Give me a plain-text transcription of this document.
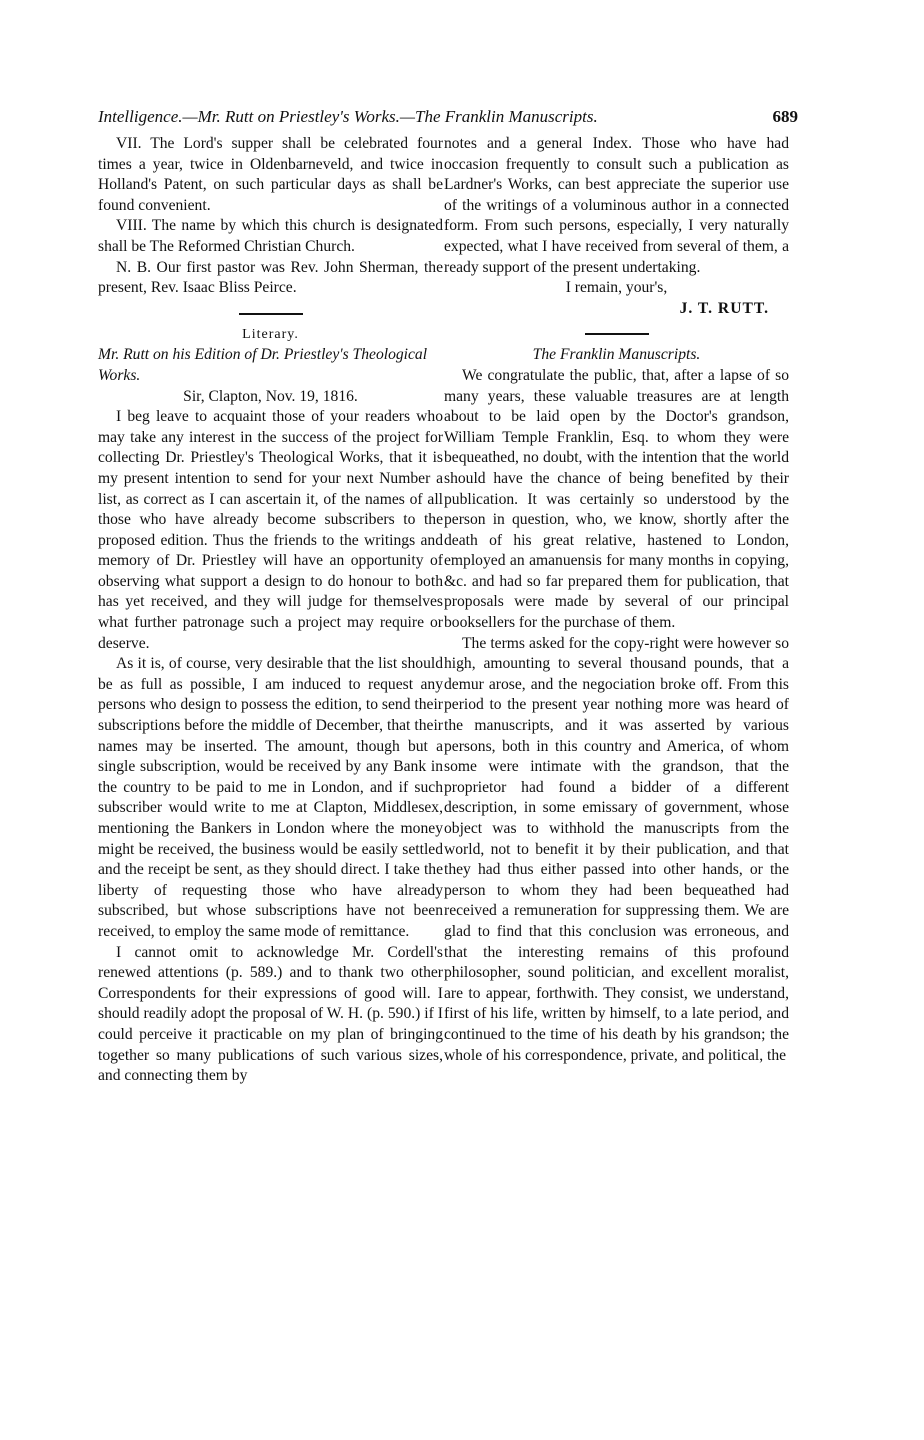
Intelligence.—Mr. Rutt on Priestley's Works.—The Franklin Manuscripts.	689

VII. The Lord's supper shall be celebrated four times a year, twice in Oldenbarneveld, and twice in Holland's Patent, on such particular days as shall be found convenient.

VIII. The name by which this church is designated shall be The Reformed Christian Church.

N. B. Our first pastor was Rev. John Sherman, the present, Rev. Isaac Bliss Peirce.

Literary.

Mr. Rutt on his Edition of Dr. Priestley's Theological Works.

Sir, Clapton, Nov. 19, 1816.

I beg leave to acquaint those of your readers who may take any interest in the success of the project for collecting Dr. Priestley's Theological Works, that it is my present intention to send for your next Number a list, as correct as I can ascertain it, of the names of all those who have already become subscribers to the proposed edition. Thus the friends to the writings and memory of Dr. Priestley will have an opportunity of observing what support a design to do honour to both has yet received, and they will judge for themselves what further patronage such a project may require or deserve.

As it is, of course, very desirable that the list should be as full as possible, I am induced to request any persons who design to possess the edition, to send their subscriptions before the middle of December, that their names may be inserted. The amount, though but a single subscription, would be received by any Bank in the country to be paid to me in London, and if such subscriber would write to me at Clapton, Middlesex, mentioning the Bankers in London where the money might be received, the business would be easily settled and the receipt be sent, as they should direct. I take the liberty of requesting those who have already subscribed, but whose subscriptions have not been received, to employ the same mode of remittance.

I cannot omit to acknowledge Mr. Cordell's renewed attentions (p. 589.) and to thank two other Correspondents for their expressions of good will. I should readily adopt the proposal of W. H. (p. 590.) if I could perceive it practicable on my plan of bringing together so many publications of such various sizes, and connecting them by

notes and a general Index. Those who have had occasion frequently to consult such a publication as Lardner's Works, can best appreciate the superior use of the writings of a voluminous author in a connected form. From such persons, especially, I very naturally expected, what I have received from several of them, a ready support of the present undertaking.

I remain, your's,

J. T. RUTT.

The Franklin Manuscripts.

We congratulate the public, that, after a lapse of so many years, these valuable treasures are at length about to be laid open by the Doctor's grandson, William Temple Franklin, Esq. to whom they were bequeathed, no doubt, with the intention that the world should have the chance of being benefited by their publication. It was certainly so understood by the person in question, who, we know, shortly after the death of his great relative, hastened to London, employed an amanuensis for many months in copying, &c. and had so far prepared them for publication, that proposals were made by several of our principal booksellers for the purchase of them.

The terms asked for the copy-right were however so high, amounting to several thousand pounds, that a demur arose, and the negociation broke off. From this period to the present year nothing more was heard of the manuscripts, and it was asserted by various persons, both in this country and America, of whom some were intimate with the grandson, that the proprietor had found a bidder of a different description, in some emissary of government, whose object was to withhold the manuscripts from the world, not to benefit it by their publication, and that they had thus either passed into other hands, or the person to whom they had been bequeathed had received a remuneration for suppressing them. We are glad to find that this conclusion was erroneous, and that the interesting remains of this profound philosopher, sound politician, and excellent moralist, are to appear, forthwith. They consist, we understand, first of his life, written by himself, to a late period, and continued to the time of his death by his grandson; the whole of his correspondence, private, and political, the
